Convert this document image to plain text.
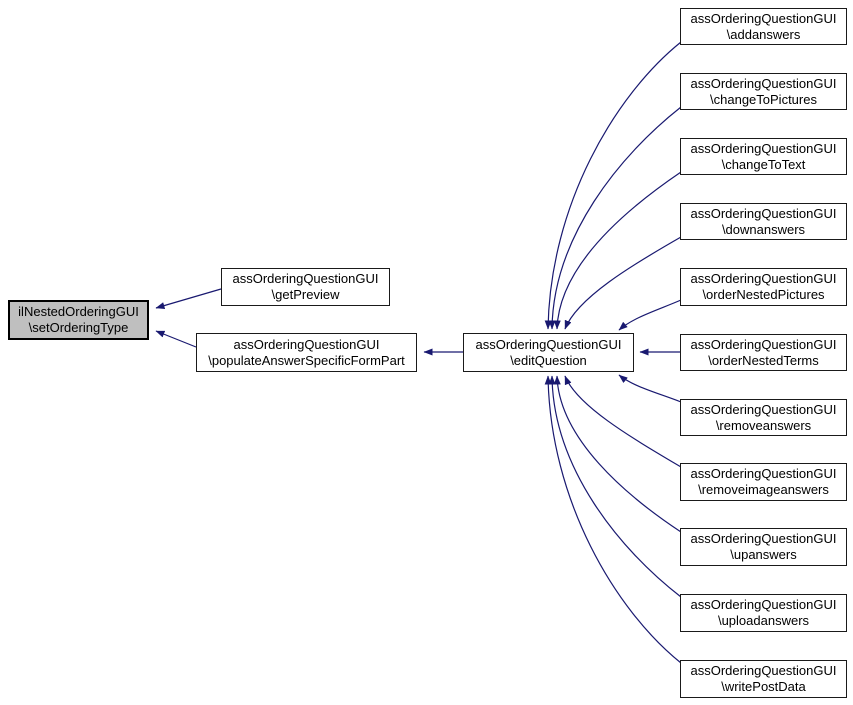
ilNestedOrderingGUI
\setOrderingType
assOrderingQuestionGUI
\getPreview
assOrderingQuestionGUI
\populateAnswerSpecificFormPart
assOrderingQuestionGUI
\editQuestion
assOrderingQuestionGUI
\addanswers
assOrderingQuestionGUI
\changeToPictures
assOrderingQuestionGUI
\changeToText
assOrderingQuestionGUI
\downanswers
assOrderingQuestionGUI
\orderNestedPictures
assOrderingQuestionGUI
\orderNestedTerms
assOrderingQuestionGUI
\removeanswers
assOrderingQuestionGUI
\removeimageanswers
assOrderingQuestionGUI
\upanswers
assOrderingQuestionGUI
\uploadanswers
assOrderingQuestionGUI
\writePostData
